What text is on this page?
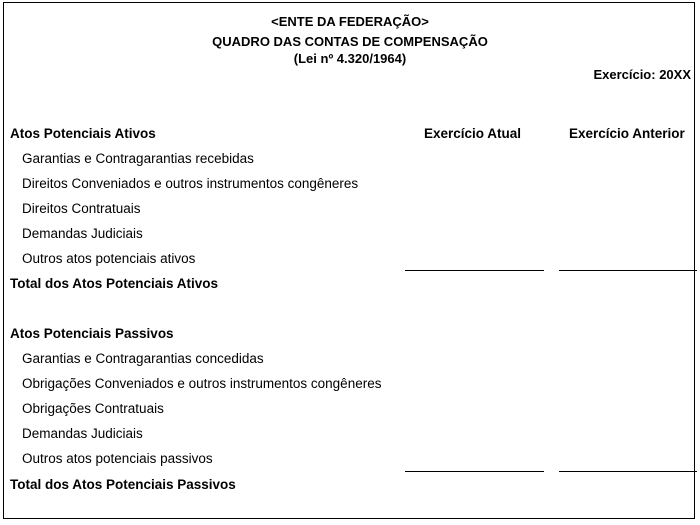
<ENTE DA FEDERAÇÃO>
QUADRO DAS CONTAS DE COMPENSAÇÃO
(Lei nº 4.320/1964)
Exercício: 20XX
Exercício Atual	Exercício Anterior
Atos Potenciais Ativos
Garantias e Contragarantias recebidas
Direitos Conveniados e outros instrumentos congêneres
Direitos Contratuais
Demandas Judiciais
Outros atos potenciais ativos
Total dos Atos Potenciais Ativos
Atos Potenciais Passivos
Garantias e Contragarantias concedidas
Obrigações Conveniados e outros instrumentos congêneres
Obrigações Contratuais
Demandas Judiciais
Outros atos potenciais passivos
Total dos Atos Potenciais Passivos
